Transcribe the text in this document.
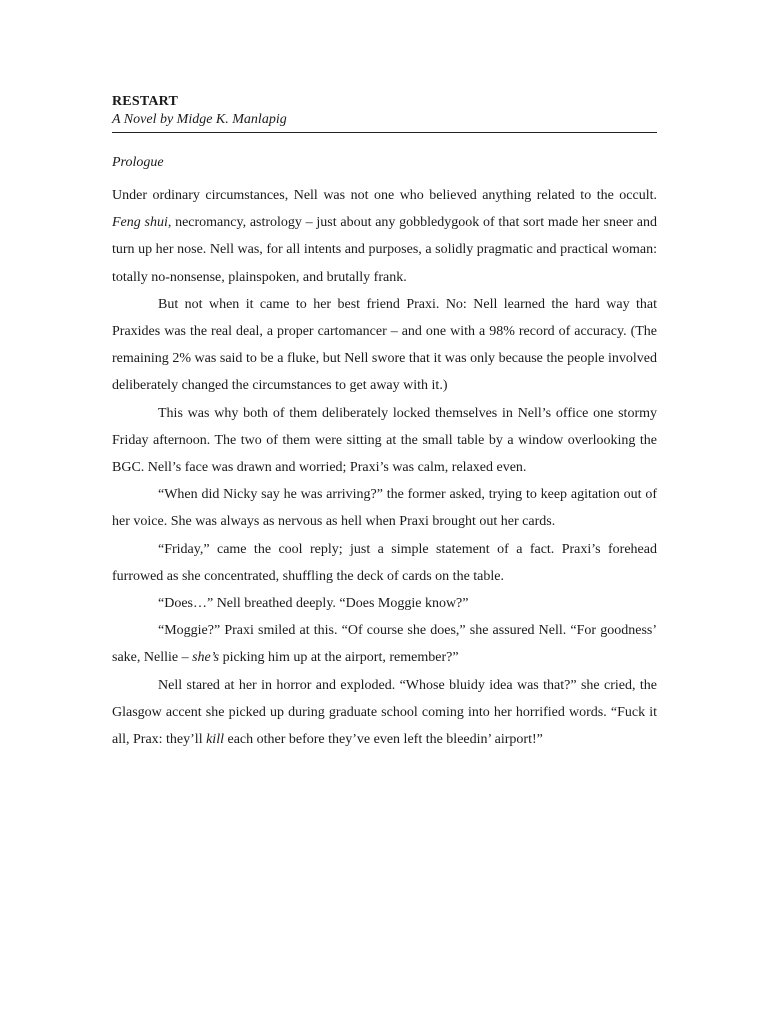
RESTART
A Novel by Midge K. Manlapig
Prologue

Under ordinary circumstances, Nell was not one who believed anything related to the occult. Feng shui, necromancy, astrology – just about any gobbledygook of that sort made her sneer and turn up her nose. Nell was, for all intents and purposes, a solidly pragmatic and practical woman: totally no-nonsense, plainspoken, and brutally frank.

But not when it came to her best friend Praxi. No: Nell learned the hard way that Praxides was the real deal, a proper cartomancer – and one with a 98% record of accuracy. (The remaining 2% was said to be a fluke, but Nell swore that it was only because the people involved deliberately changed the circumstances to get away with it.)

This was why both of them deliberately locked themselves in Nell’s office one stormy Friday afternoon. The two of them were sitting at the small table by a window overlooking the BGC. Nell’s face was drawn and worried; Praxi’s was calm, relaxed even.

“When did Nicky say he was arriving?” the former asked, trying to keep agitation out of her voice. She was always as nervous as hell when Praxi brought out her cards.

“Friday,” came the cool reply; just a simple statement of a fact. Praxi’s forehead furrowed as she concentrated, shuffling the deck of cards on the table.

“Does…” Nell breathed deeply. “Does Moggie know?”

“Moggie?” Praxi smiled at this. “Of course she does,” she assured Nell. “For goodness’ sake, Nellie – she’s picking him up at the airport, remember?”

Nell stared at her in horror and exploded. “Whose bluidy idea was that?” she cried, the Glasgow accent she picked up during graduate school coming into her horrified words. “Fuck it all, Prax: they’ll kill each other before they’ve even left the bleedin’ airport!”
